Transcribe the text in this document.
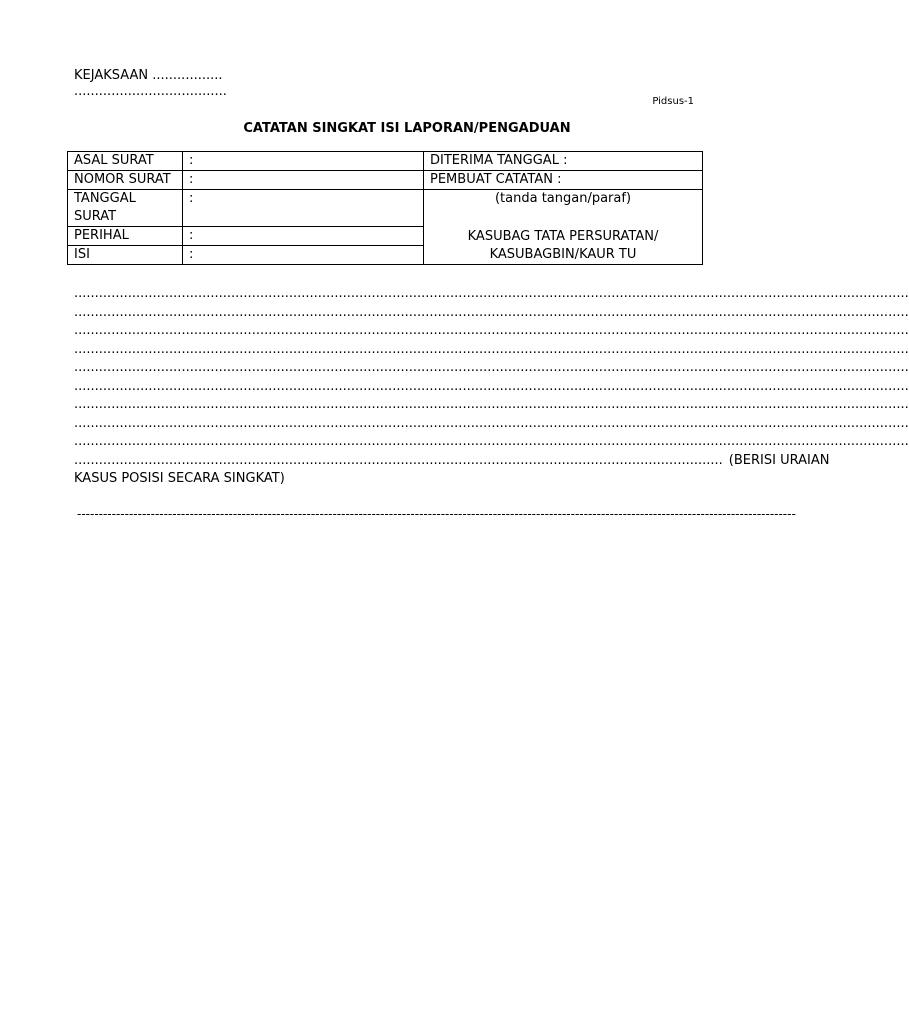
KEJAKSAAN .................
.....................................
Pidsus-1
CATATAN SINGKAT ISI LAPORAN/PENGADUAN
ASAL SURAT	:	DITERIMA TANGGAL :
NOMOR SURAT	:	PEMBUAT CATATAN :
TANGGAL SURAT	:	(tanda tangan/paraf)
KASUBAG TATA PERSURATAN/
KASUBAGBIN/KAUR TU

PERIHAL	:	
ISI	:	
..........................................................................................................................................................................................................
..........................................................................................................................................................................................................
..........................................................................................................................................................................................................
..........................................................................................................................................................................................................
..........................................................................................................................................................................................................
..........................................................................................................................................................................................................
..........................................................................................................................................................................................................
..........................................................................................................................................................................................................
..........................................................................................................................................................................................................
............................................................................................................................................................. (BERISI URAIAN
KASUS POSISI SECARA SINGKAT)
----------------------------------------------------------------------------------------------------------------------------------------------------------------------
